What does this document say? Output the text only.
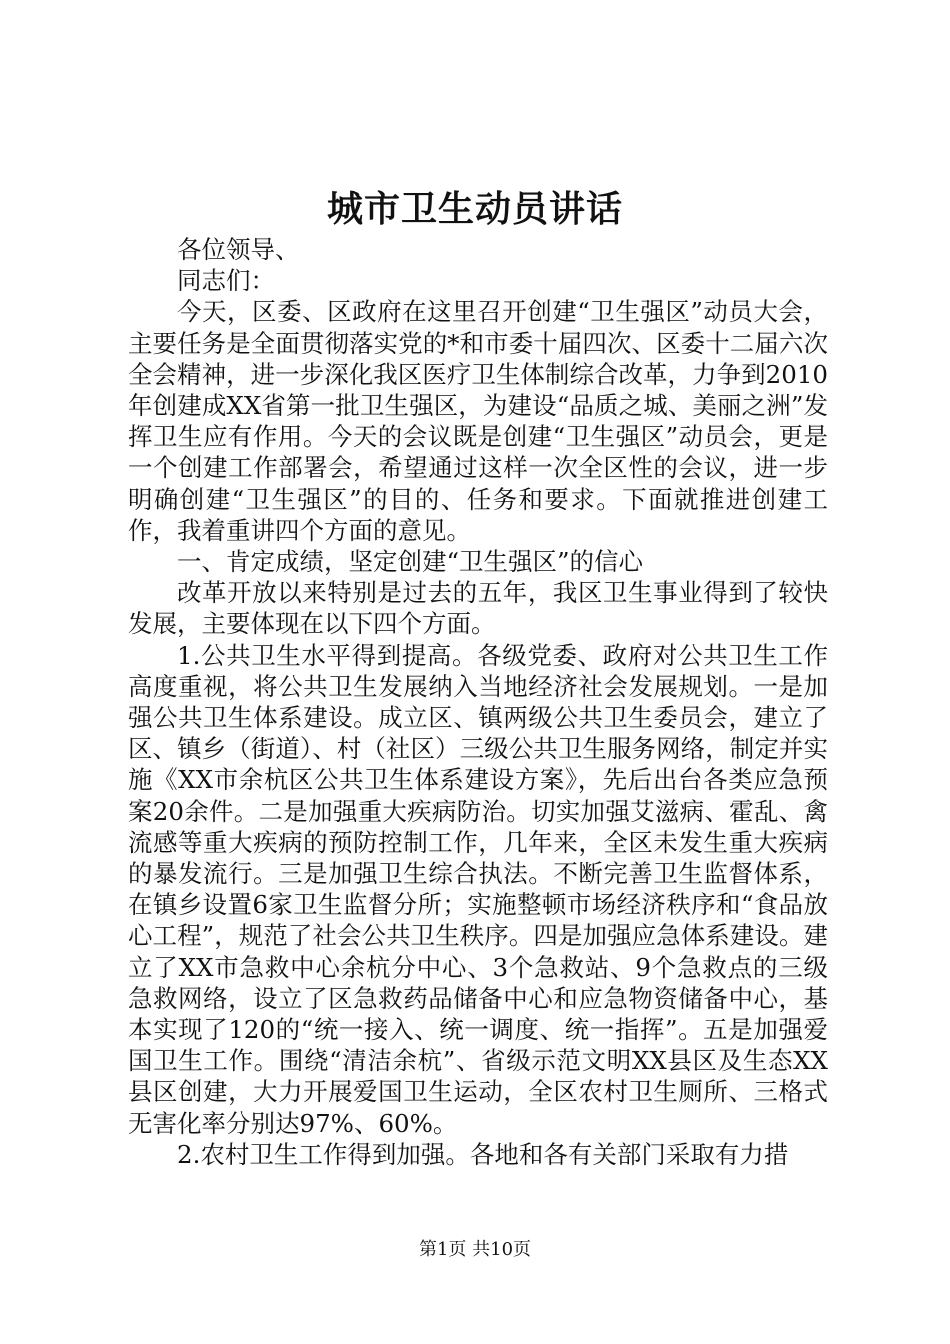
城市卫生动员讲话

各位领导、

同志们：

今天，区委、区政府在这里召开创建“卫生强区”动员大会，主要任务是全面贯彻落实党的*和市委十届四次、区委十二届六次全会精神，进一步深化我区医疗卫生体制综合改革，力争到2010年创建成XX省第一批卫生强区，为建设“品质之城、美丽之洲”发挥卫生应有作用。今天的会议既是创建“卫生强区”动员会，更是一个创建工作部署会，希望通过这样一次全区性的会议，进一步明确创建“卫生强区”的目的、任务和要求。下面就推进创建工作，我着重讲四个方面的意见。

一、肯定成绩，坚定创建“卫生强区”的信心

改革开放以来特别是过去的五年，我区卫生事业得到了较快发展，主要体现在以下四个方面。

1.公共卫生水平得到提高。各级党委、政府对公共卫生工作高度重视，将公共卫生发展纳入当地经济社会发展规划。一是加强公共卫生体系建设。成立区、镇两级公共卫生委员会，建立了区、镇乡（街道）、村（社区）三级公共卫生服务网络，制定并实施《XX市余杭区公共卫生体系建设方案》，先后出台各类应急预案20余件。二是加强重大疾病防治。切实加强艾滋病、霍乱、禽流感等重大疾病的预防控制工作，几年来，全区未发生重大疾病的暴发流行。三是加强卫生综合执法。不断完善卫生监督体系，在镇乡设置6家卫生监督分所；实施整顿市场经济秩序和“食品放心工程”，规范了社会公共卫生秩序。四是加强应急体系建设。建立了XX市急救中心余杭分中心、3个急救站、9个急救点的三级急救网络，设立了区急救药品储备中心和应急物资储备中心，基本实现了120的“统一接入、统一调度、统一指挥”。五是加强爱国卫生工作。围绕“清洁余杭”、省级示范文明XX县区及生态XX县区创建，大力开展爱国卫生运动，全区农村卫生厕所、三格式无害化率分别达97%、60%。

2.农村卫生工作得到加强。各地和各有关部门采取有力措

第1页 共10页
